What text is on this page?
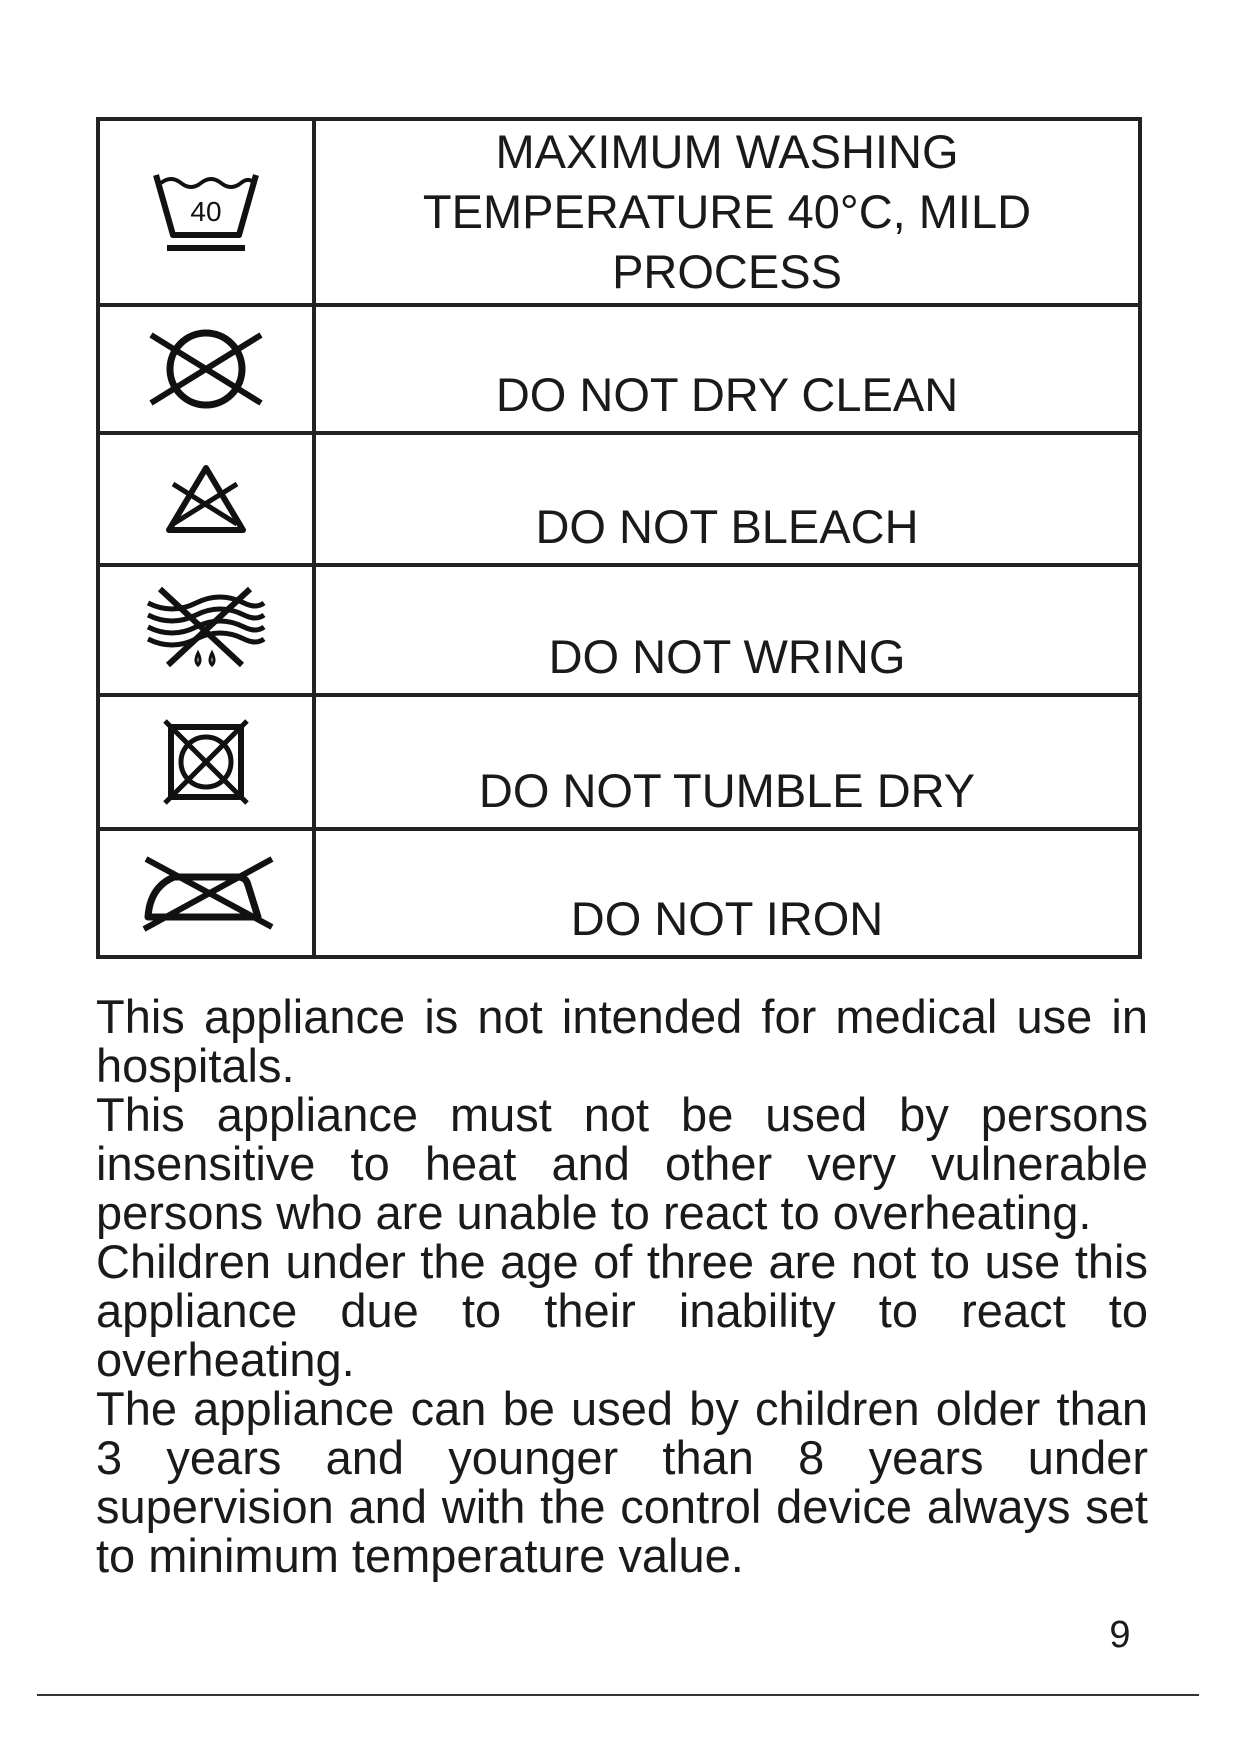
40	MAXIMUM WASHING TEMPERATURE 40°C, MILD PROCESS

	DO NOT DRY CLEAN

	DO NOT BLEACH

	DO NOT WRING

	DO NOT TUMBLE DRY

	DO NOT IRON

This appliance is not intended for medical use in hospitals.

This appliance must not be used by persons insensitive to heat and other very vulnerable persons who are unable to react to overheating.

Children under the age of three are not to use this appliance due to their inability to react to overheating.

The appliance can be used by children older than 3 years and younger than 8 years under supervision and with the control device always set to minimum temperature value.

9
